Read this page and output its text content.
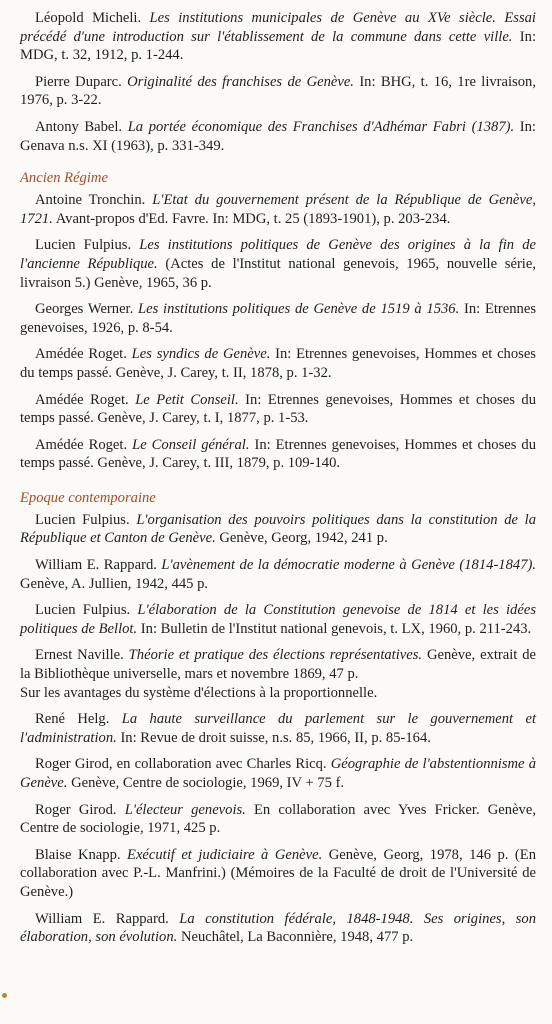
Léopold Micheli. Les institutions municipales de Genève au XVe siècle. Essai précédé d'une introduction sur l'établissement de la commune dans cette ville. In: MDG, t. 32, 1912, p. 1-244.

Pierre Duparc. Originalité des franchises de Genève. In: BHG, t. 16, 1re livraison, 1976, p. 3-22.

Antony Babel. La portée économique des Franchises d'Adhémar Fabri (1387). In: Genava n.s. XI (1963), p. 331-349.

Ancien Régime

Antoine Tronchin. L'Etat du gouvernement présent de la République de Genève, 1721. Avant-propos d'Ed. Favre. In: MDG, t. 25 (1893-1901), p. 203-234.

Lucien Fulpius. Les institutions politiques de Genève des origines à la fin de l'ancienne République. (Actes de l'Institut national genevois, 1965, nouvelle série, livraison 5.) Genève, 1965, 36 p.

Georges Werner. Les institutions politiques de Genève de 1519 à 1536. In: Etrennes genevoises, 1926, p. 8-54.

Amédée Roget. Les syndics de Genève. In: Etrennes genevoises, Hommes et choses du temps passé. Genève, J. Carey, t. II, 1878, p. 1-32.

Amédée Roget. Le Petit Conseil. In: Etrennes genevoises, Hommes et choses du temps passé. Genève, J. Carey, t. I, 1877, p. 1-53.

Amédée Roget. Le Conseil général. In: Etrennes genevoises, Hommes et choses du temps passé. Genève, J. Carey, t. III, 1879, p. 109-140.

Epoque contemporaine

Lucien Fulpius. L'organisation des pouvoirs politiques dans la constitution de la République et Canton de Genève. Genève, Georg, 1942, 241 p.

William E. Rappard. L'avènement de la démocratie moderne à Genève (1814-1847). Genève, A. Jullien, 1942, 445 p.

Lucien Fulpius. L'élaboration de la Constitution genevoise de 1814 et les idées politiques de Bellot. In: Bulletin de l'Institut national genevois, t. LX, 1960, p. 211-243.

Ernest Naville. Théorie et pratique des élections représentatives. Genève, extrait de la Bibliothèque universelle, mars et novembre 1869, 47 p.
Sur les avantages du système d'élections à la proportionnelle.

René Helg. La haute surveillance du parlement sur le gouvernement et l'administration. In: Revue de droit suisse, n.s. 85, 1966, II, p. 85-164.

Roger Girod, en collaboration avec Charles Ricq. Géographie de l'abstentionnisme à Genève. Genève, Centre de sociologie, 1969, IV + 75 f.

Roger Girod. L'électeur genevois. En collaboration avec Yves Fricker. Genève, Centre de sociologie, 1971, 425 p.

Blaise Knapp. Exécutif et judiciaire à Genève. Genève, Georg, 1978, 146 p. (En collaboration avec P.-L. Manfrini.) (Mémoires de la Faculté de droit de l'Université de Genève.)

William E. Rappard. La constitution fédérale, 1848-1948. Ses origines, son élaboration, son évolution. Neuchâtel, La Baconnière, 1948, 477 p.
